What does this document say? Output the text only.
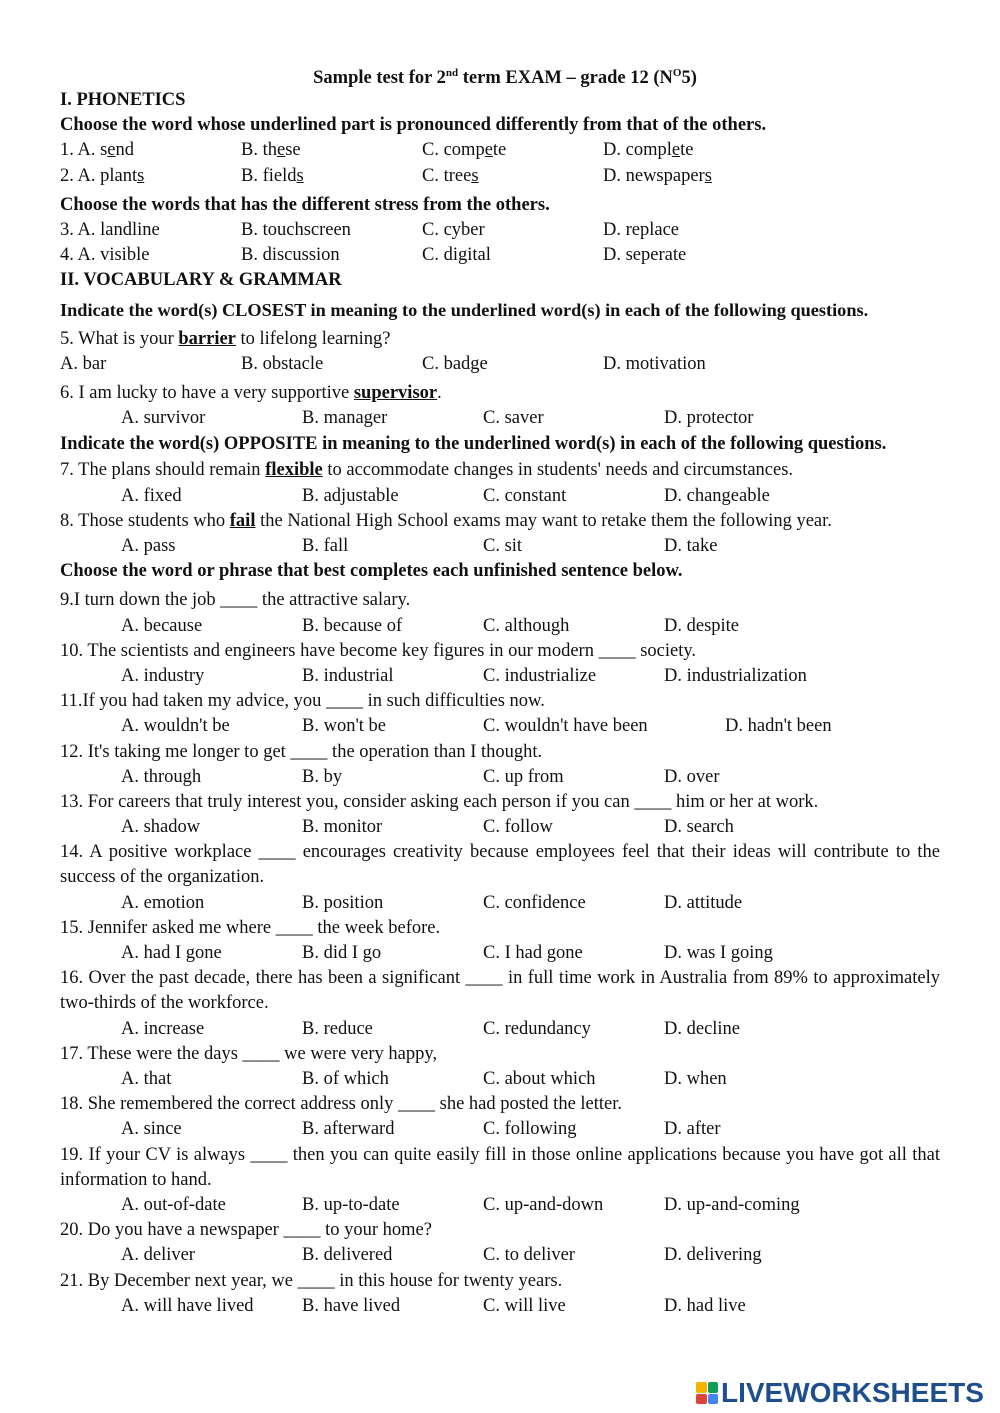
Sample test for 2nd term EXAM – grade 12 $(N^O5)$
I. PHONETICS
Choose the word whose underlined part is pronounced differently from that of the others.
1. A. send	B. these	C. compete	D. complete
2. A. plants	B. fields	C. trees	D. newspapers
Choose the words that has the different stress from the others.
3. A. landline	B. touchscreen	C. cyber	D. replace
4. A. visible	B. discussion	C. digital	D. seperate
II. VOCABULARY & GRAMMAR
Indicate the word(s) CLOSEST in meaning to the underlined word(s) in each of the following questions.
5. What is your barrier to lifelong learning?
A. bar	B. obstacle	C. badge	D. motivation
6. I am lucky to have a very supportive supervisor.
A. survivor	B. manager	C. saver	D. protector
Indicate the word(s) OPPOSITE in meaning to the underlined word(s) in each of the following questions.
7. The plans should remain flexible to accommodate changes in students' needs and circumstances.
A. fixed	B. adjustable	C. constant	D. changeable
8. Those students who fail the National High School exams may want to retake them the following year.
A. pass	B. fall	C. sit	D. take
Choose the word or phrase that best completes each unfinished sentence below.
9.I turn down the job ____ the attractive salary.
A. because	B. because of	C. although	D. despite
10. The scientists and engineers have become key figures in our modern ____ society.
A. industry	B. industrial	C. industrialize	D. industrialization
11.If you had taken my advice, you ____ in such difficulties now.
A. wouldn't be	B. won't be	C. wouldn't have been	D. hadn't been
12. It's taking me longer to get ____ the operation than I thought.
A. through	B. by	C. up from	D. over
13. For careers that truly interest you, consider asking each person if you can ____ him or her at work.
A. shadow	B. monitor	C. follow	D. search
14. A positive workplace ____ encourages creativity because employees feel that their ideas will contribute to the success of the organization.
A. emotion	B. position	C. confidence	D. attitude
15. Jennifer asked me where ____ the week before.
A. had I gone	B. did I go	C. I had gone	D. was I going
16. Over the past decade, there has been a significant ____ in full time work in Australia from 89% to approximately two-thirds of the workforce.
A. increase	B. reduce	C. redundancy	D. decline
17. These were the days ____ we were very happy,
A. that	B. of which	C. about which	D. when
18. She remembered the correct address only ____ she had posted the letter.
A. since	B. afterward	C. following	D. after
19. If your CV is always ____ then you can quite easily fill in those online applications because you have got all that information to hand.
A. out-of-date	B. up-to-date	C. up-and-down	D. up-and-coming
20. Do you have a newspaper ____ to your home?
A. deliver	B. delivered	C. to deliver	D. delivering
21. By December next year, we ____ in this house for twenty years.
A. will have lived	B. have lived	C. will live	D. had live
LIVEWORKSHEETS
